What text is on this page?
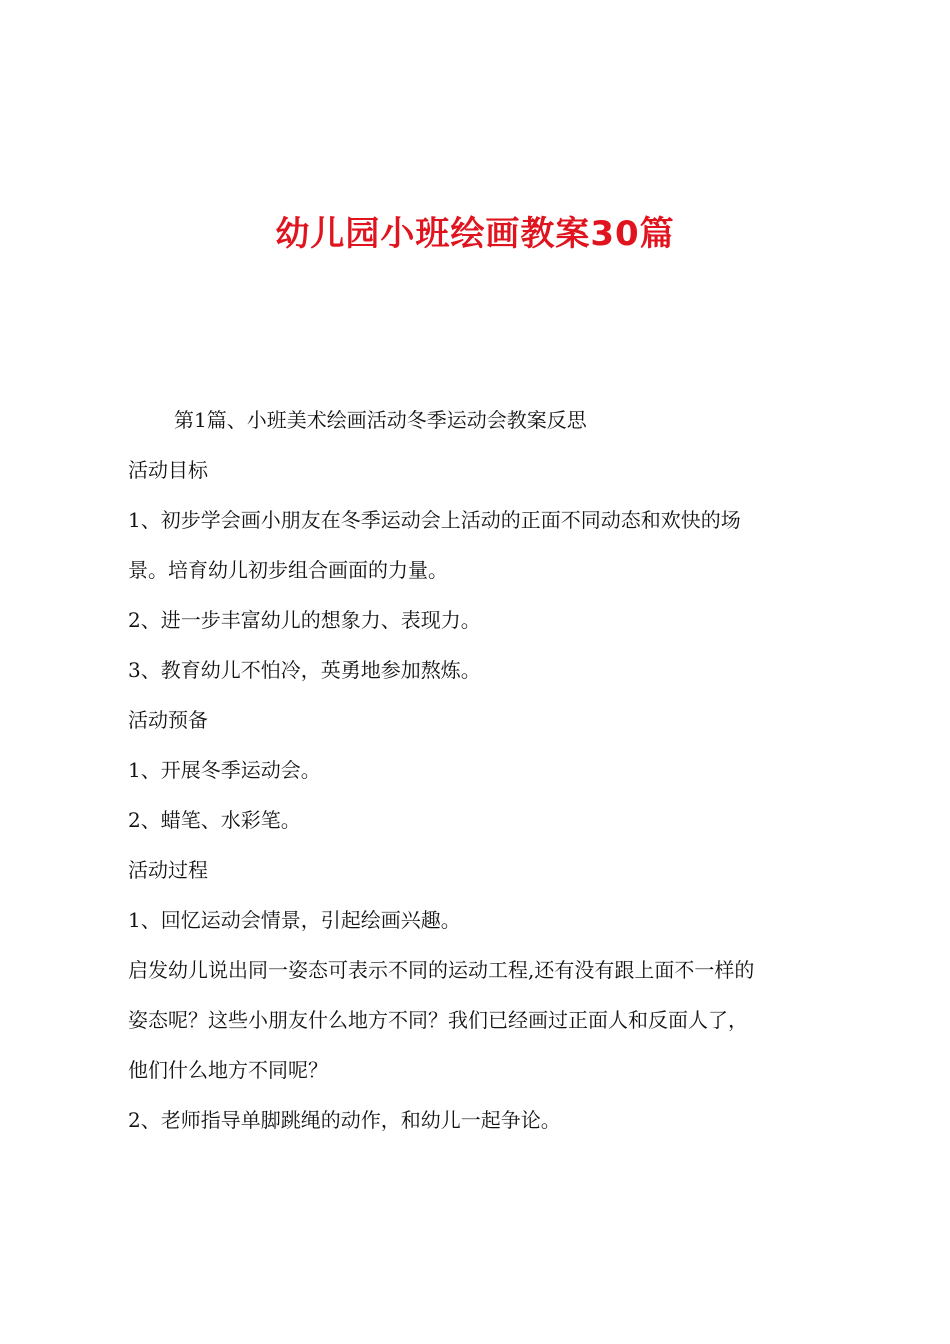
幼儿园小班绘画教案30篇
第1篇、小班美术绘画活动冬季运动会教案反思
活动目标
1、初步学会画小朋友在冬季运动会上活动的正面不同动态和欢快的场
景。培育幼儿初步组合画面的力量。
2、进一步丰富幼儿的想象力、表现力。
3、教育幼儿不怕冷，英勇地参加熬炼。
活动预备
1、开展冬季运动会。
2、蜡笔、水彩笔。
活动过程
1、回忆运动会情景，引起绘画兴趣。
启发幼儿说出同一姿态可表示不同的运动工程,还有没有跟上面不一样的
姿态呢？这些小朋友什么地方不同？我们已经画过正面人和反面人了，
他们什么地方不同呢？
2、老师指导单脚跳绳的动作，和幼儿一起争论。
